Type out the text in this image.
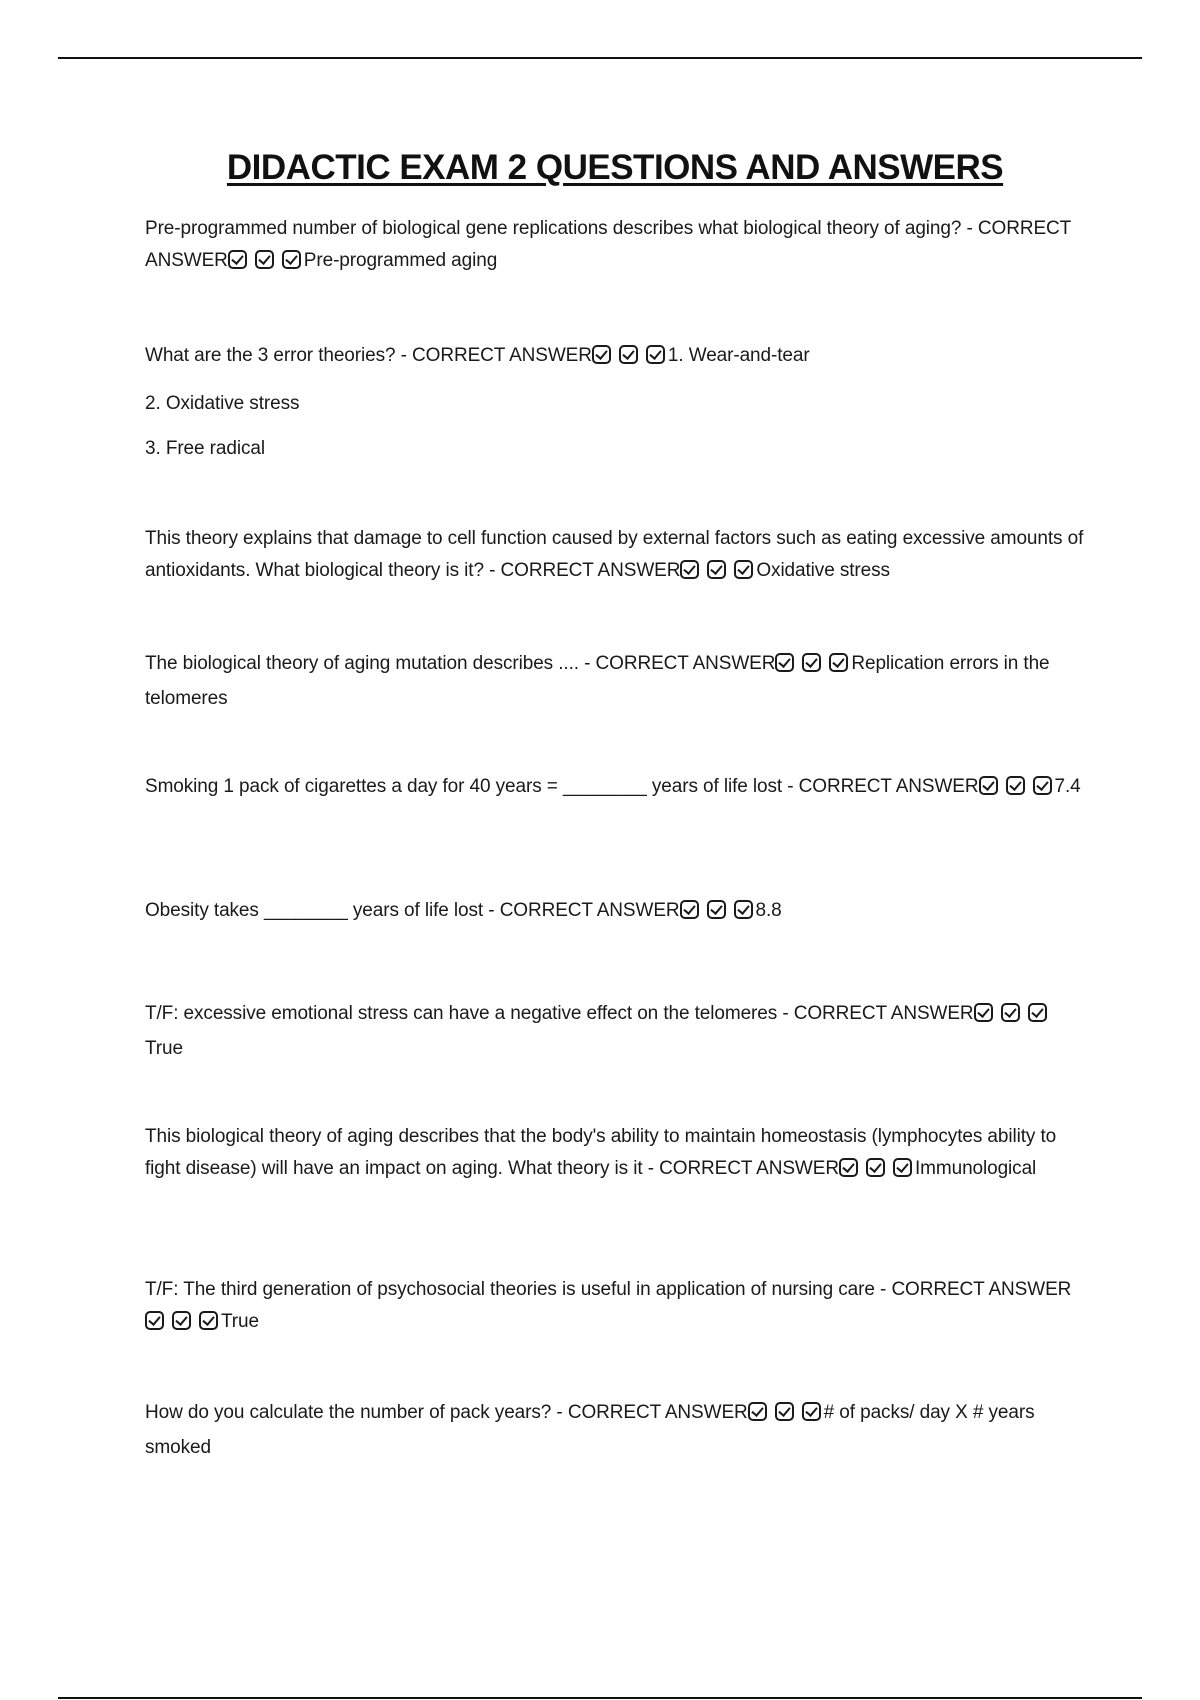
DIDACTIC EXAM 2 QUESTIONS AND ANSWERS

Pre-programmed number of biological gene replications describes what biological theory of aging? - CORRECT ANSWER	Pre-programmed aging

What are the 3 error theories? - CORRECT ANSWER	1. Wear-and-tear

2. Oxidative stress

3. Free radical

This theory explains that damage to cell function caused by external factors such as eating excessive amounts of antioxidants. What biological theory is it? - CORRECT ANSWER	Oxidative stress

The biological theory of aging mutation describes .... - CORRECT ANSWER	Replication errors in the telomeres

Smoking 1 pack of cigarettes a day for 40 years = ________ years of life lost - CORRECT ANSWER	7.4

Obesity takes ________ years of life lost - CORRECT ANSWER	8.8

T/F: excessive emotional stress can have a negative effect on the telomeres - CORRECT ANSWERTrue

This biological theory of aging describes that the body's ability to maintain homeostasis (lymphocytes ability to fight disease) will have an impact on aging. What theory is it - CORRECT ANSWER	Immunological

T/F: The third generation of psychosocial theories is useful in application of nursing care - CORRECT ANSWERTrue

How do you calculate the number of pack years? - CORRECT ANSWER	# of packs/ day X # years smoked
